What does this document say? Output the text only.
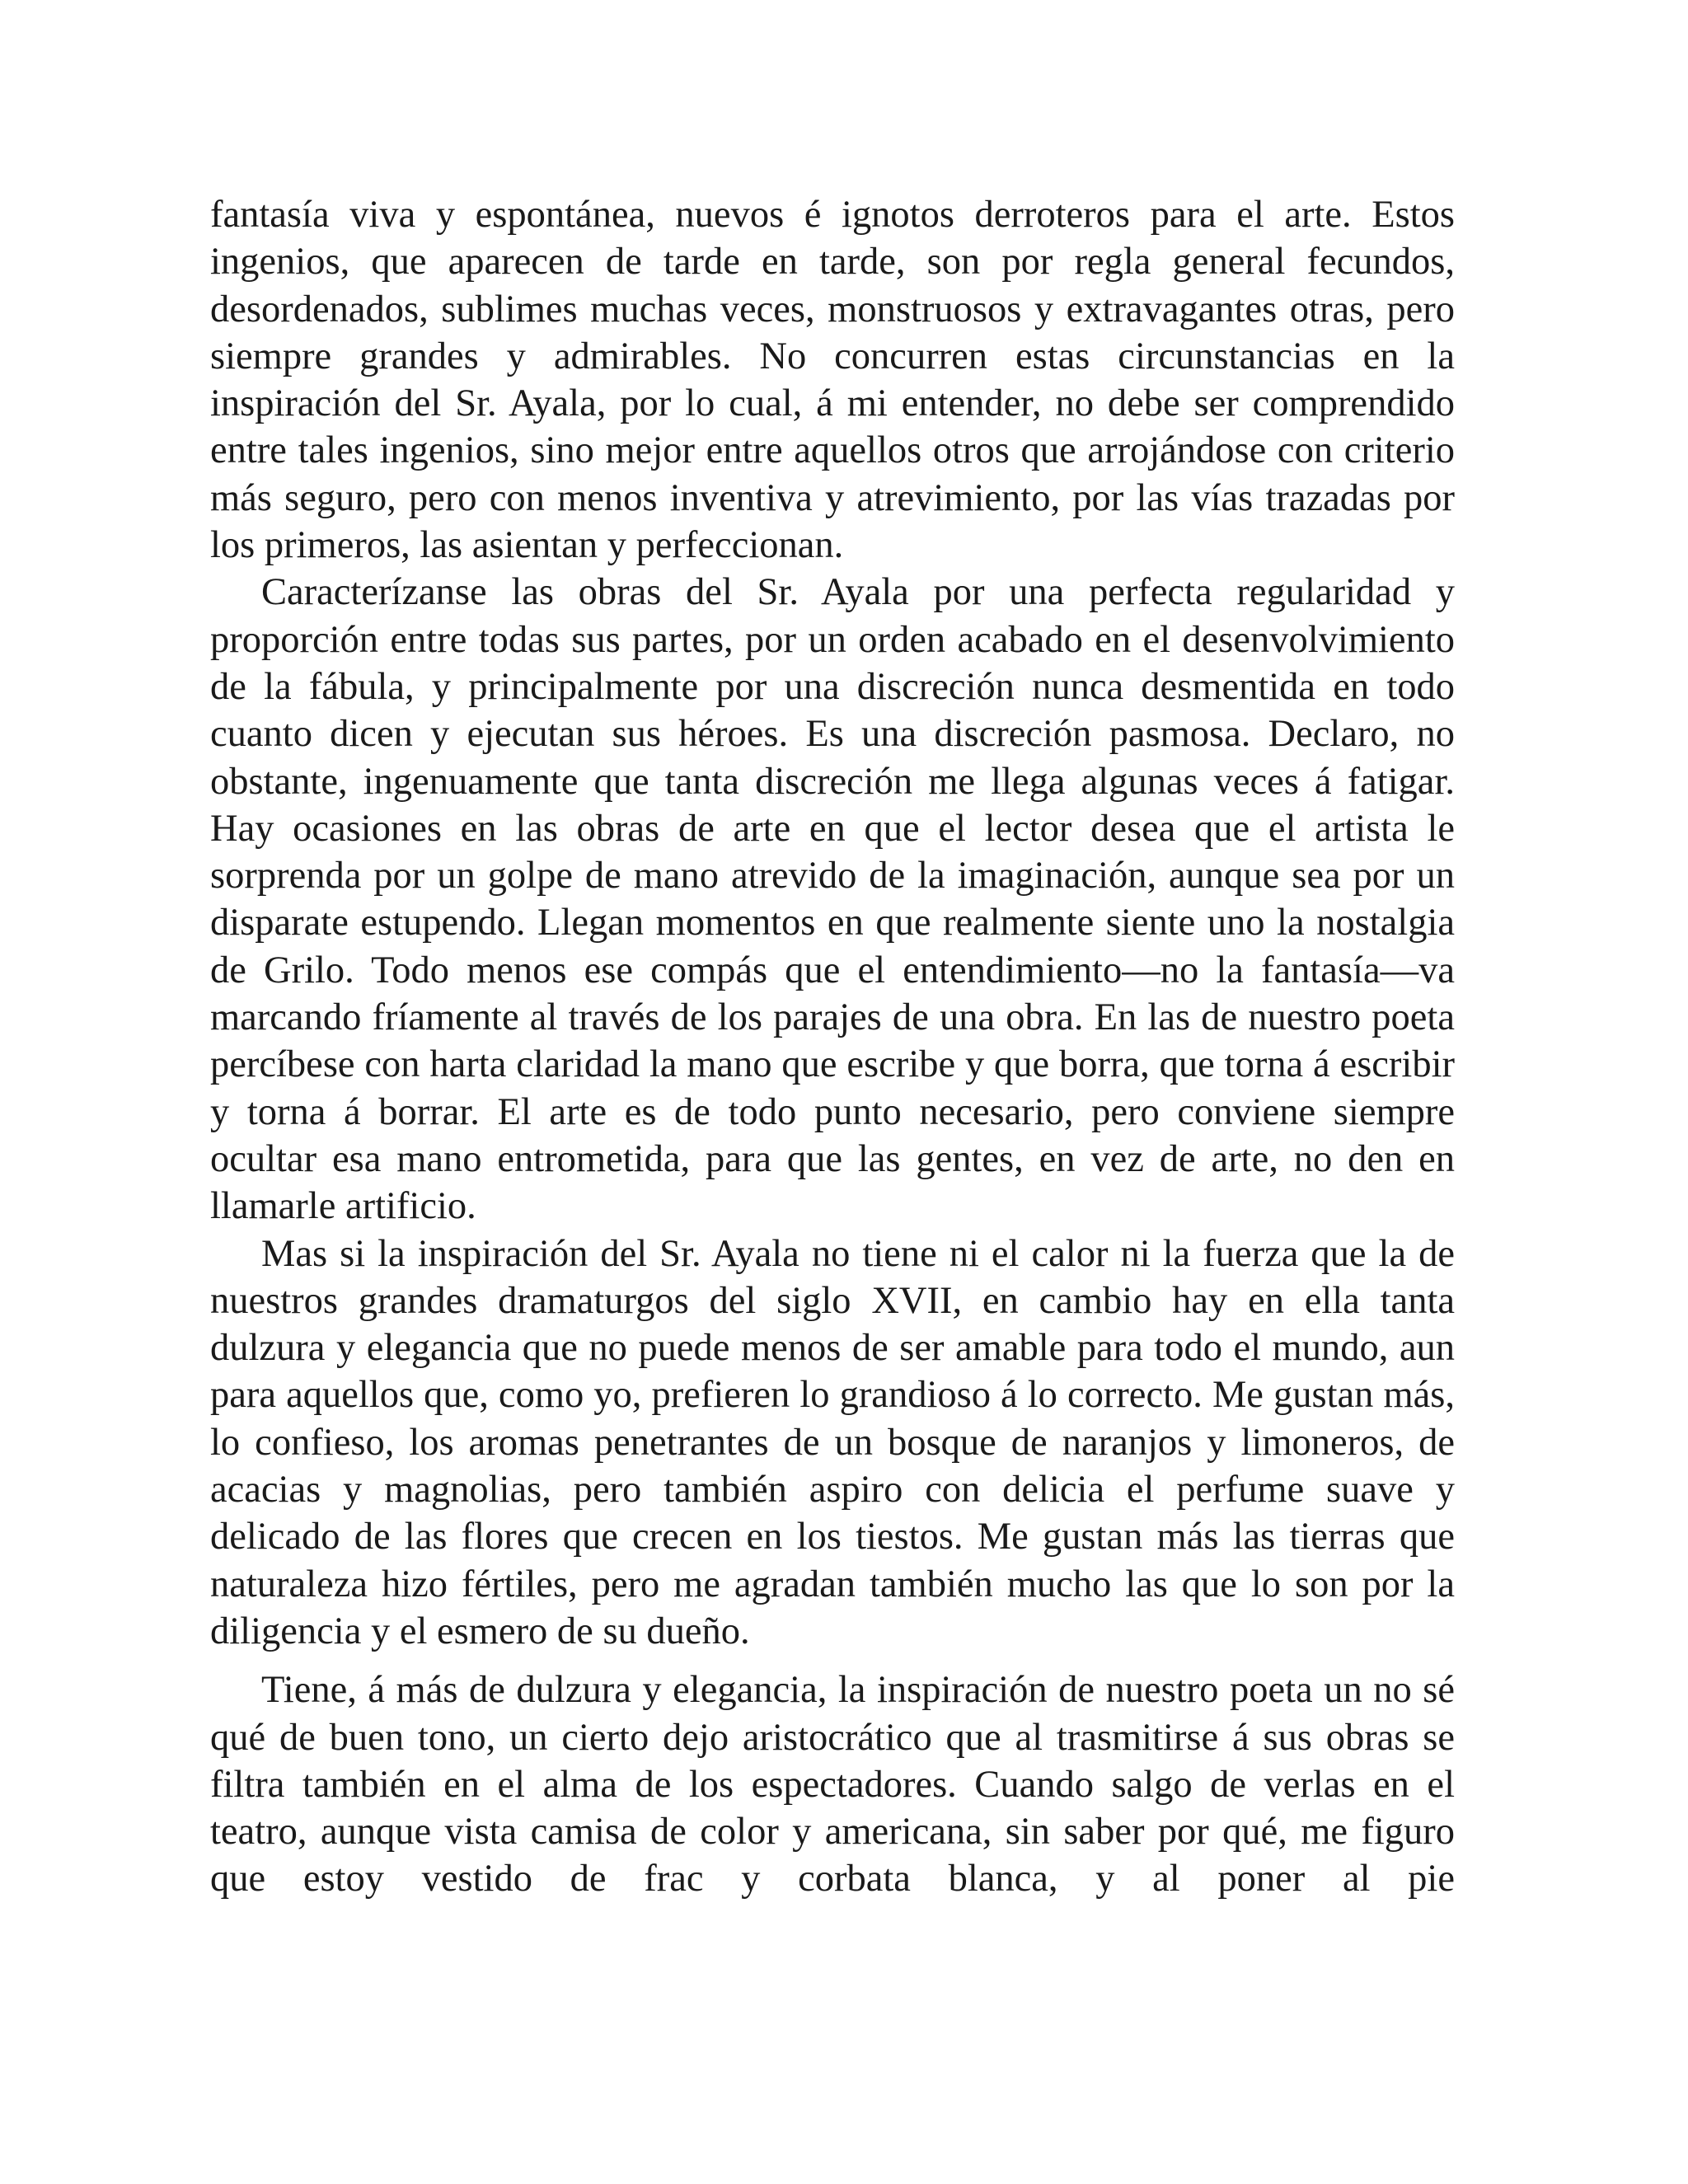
fantasía viva y espontánea, nuevos é ignotos derroteros para el arte. Estos ingenios, que aparecen de tarde en tarde, son por regla general fecundos, desordenados, sublimes muchas veces, monstruosos y extravagantes otras, pero siempre grandes y admirables. No concurren estas circunstancias en la inspiración del Sr. Ayala, por lo cual, á mi entender, no debe ser comprendido entre tales ingenios, sino mejor entre aquellos otros que arrojándose con criterio más seguro, pero con menos inventiva y atrevimiento, por las vías trazadas por los primeros, las asientan y perfeccionan.

Caracterízanse las obras del Sr. Ayala por una perfecta regularidad y proporción entre todas sus partes, por un orden acabado en el desenvolvimiento de la fábula, y principalmente por una discreción nunca desmentida en todo cuanto dicen y ejecutan sus héroes. Es una discreción pasmosa. Declaro, no obstante, ingenuamente que tanta discreción me llega algunas veces á fatigar. Hay ocasiones en las obras de arte en que el lector desea que el artista le sorprenda por un golpe de mano atrevido de la imaginación, aunque sea por un disparate estupendo. Llegan momentos en que realmente siente uno la nostalgia de Grilo. Todo menos ese compás que el entendimiento—no la fantasía—va marcando fríamente al través de los parajes de una obra. En las de nuestro poeta percíbese con harta claridad la mano que escribe y que borra, que torna á escribir y torna á borrar. El arte es de todo punto necesario, pero conviene siempre ocultar esa mano entrometida, para que las gentes, en vez de arte, no den en llamarle artificio.

Mas si la inspiración del Sr. Ayala no tiene ni el calor ni la fuerza que la de nuestros grandes dramaturgos del siglo XVII, en cambio hay en ella tanta dulzura y elegancia que no puede menos de ser amable para todo el mundo, aun para aquellos que, como yo, prefieren lo grandioso á lo correcto. Me gustan más, lo confieso, los aromas penetrantes de un bosque de naranjos y limoneros, de acacias y magnolias, pero también aspiro con delicia el perfume suave y delicado de las flores que crecen en los tiestos. Me gustan más las tierras que naturaleza hizo fértiles, pero me agradan también mucho las que lo son por la diligencia y el esmero de su dueño.

Tiene, á más de dulzura y elegancia, la inspiración de nuestro poeta un no sé qué de buen tono, un cierto dejo aristocrático que al trasmitirse á sus obras se filtra también en el alma de los espectadores. Cuando salgo de verlas en el teatro, aunque vista camisa de color y americana, sin saber por qué, me figuro que estoy vestido de frac y corbata blanca, y al poner al pie
